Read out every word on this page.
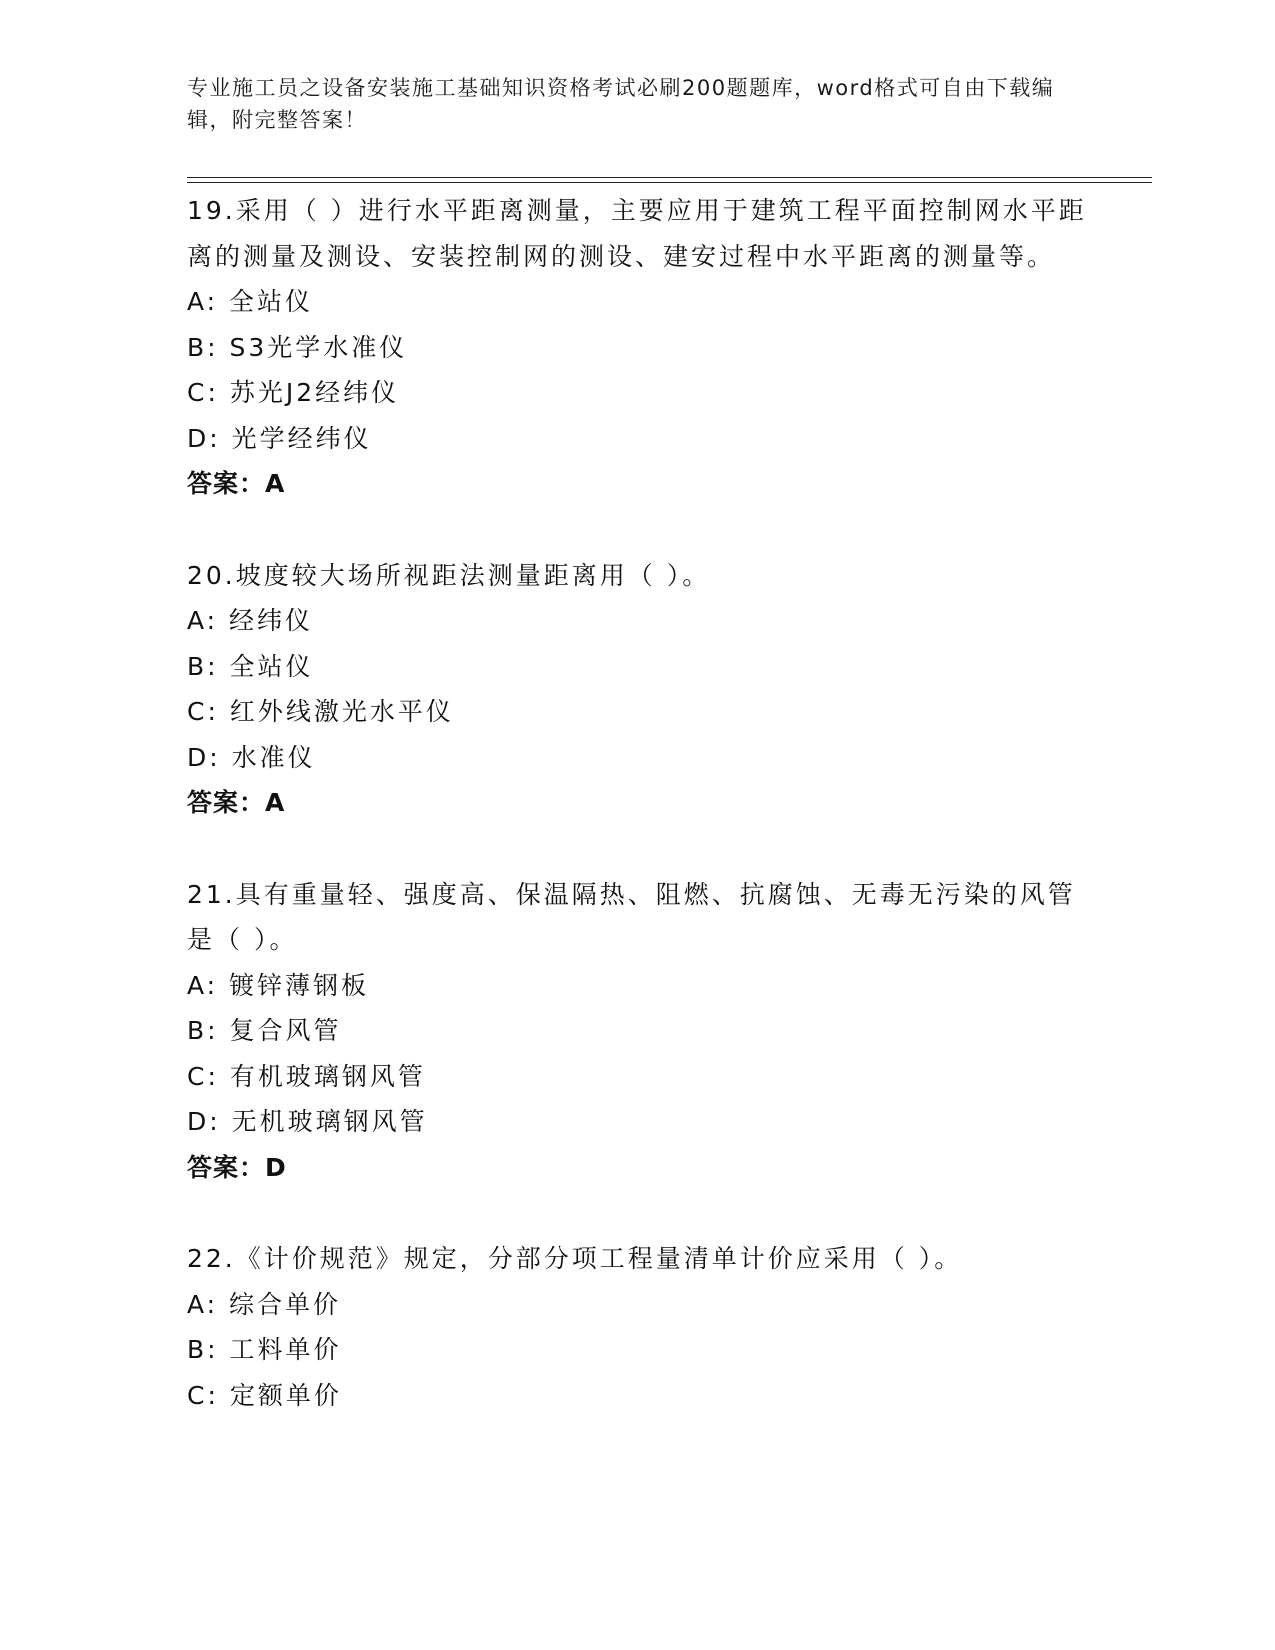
专业施工员之设备安装施工基础知识资格考试必刷200题题库，word格式可自由下载编辑，附完整答案！

19.采用（ ）进行水平距离测量，主要应用于建筑工程平面控制网水平距离的测量及测设、安装控制网的测设、建安过程中水平距离的测量等。

A: 全站仪

B: S3光学水准仪

C: 苏光J2经纬仪

D: 光学经纬仪

答案：A

20.坡度较大场所视距法测量距离用（ ）。

A: 经纬仪

B: 全站仪

C: 红外线激光水平仪

D: 水准仪

答案：A

21.具有重量轻、强度高、保温隔热、阻燃、抗腐蚀、无毒无污染的风管是（ ）。

A: 镀锌薄钢板

B: 复合风管

C: 有机玻璃钢风管

D: 无机玻璃钢风管

答案：D

22.《计价规范》规定，分部分项工程量清单计价应采用（ ）。

A: 综合单价

B: 工料单价

C: 定额单价
